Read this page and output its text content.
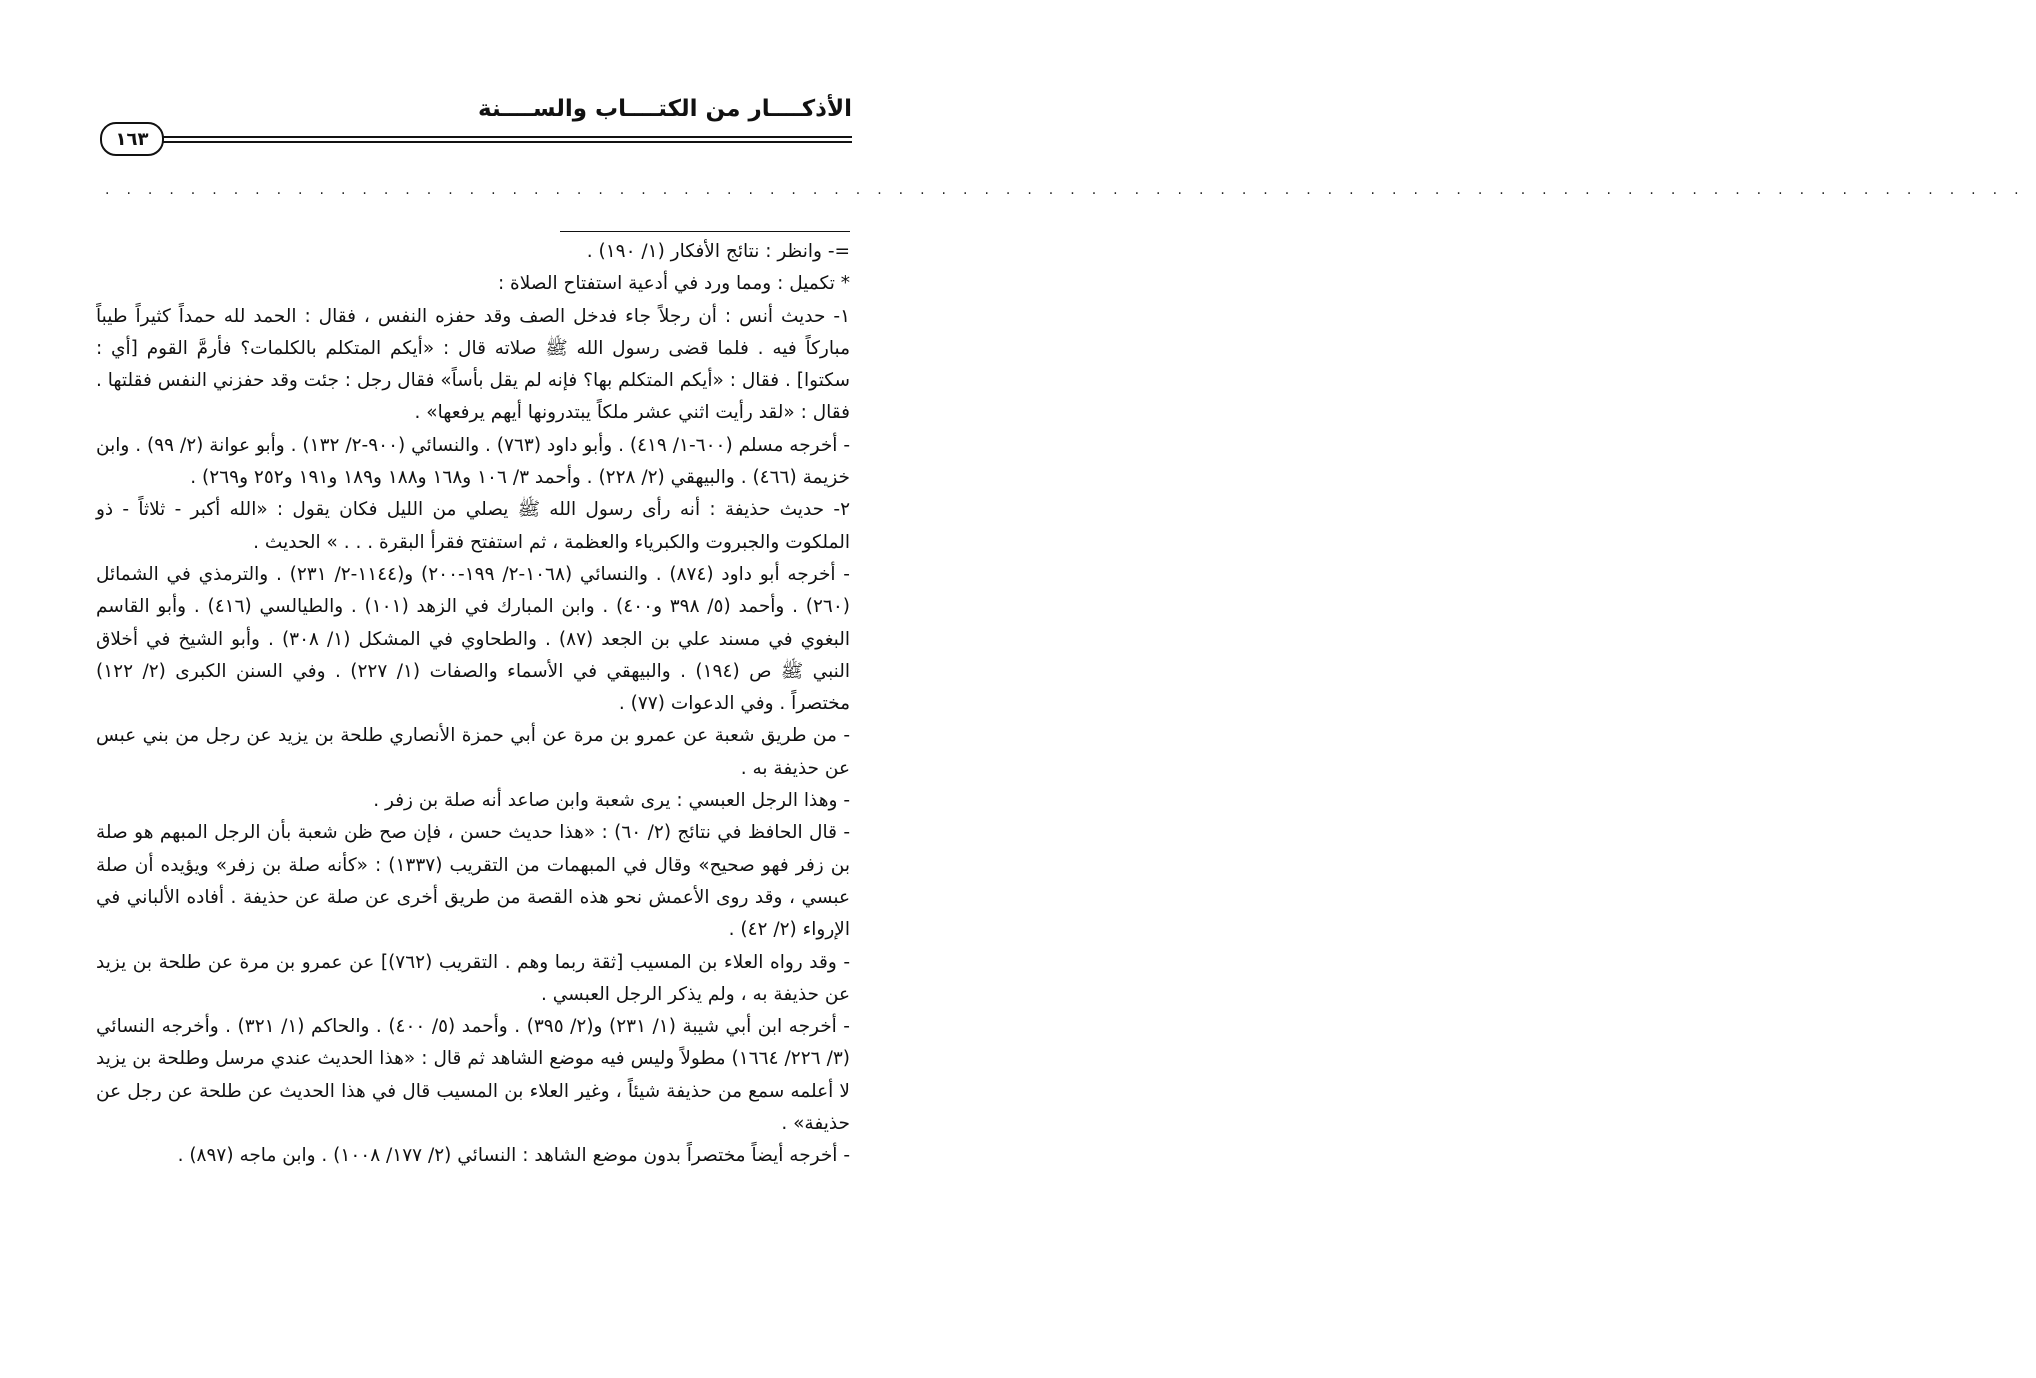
الأذكــــار من الكتــــاب والســــنة
١٦٣
..........................................................................................

=- وانظر : نتائج الأفكار (١/ ١٩٠) .

* تكميل : ومما ورد في أدعية استفتاح الصلاة :

١- حديث أنس : أن رجلاً جاء فدخل الصف وقد حفزه النفس ، فقال : الحمد لله حمداً كثيراً طيباً مباركاً فيه . فلما قضى رسول الله ﷺ صلاته قال : «أيكم المتكلم بالكلمات؟ فأرمَّ القوم [أي : سكتوا] . فقال : «أيكم المتكلم بها؟ فإنه لم يقل بأساً» فقال رجل : جئت وقد حفزني النفس فقلتها . فقال : «لقد رأيت اثني عشر ملكاً يبتدرونها أيهم يرفعها» .

- أخرجه مسلم (٦٠٠-١/ ٤١٩) . وأبو داود (٧٦٣) . والنسائي (٩٠٠-٢/ ١٣٢) . وأبو عوانة (٢/ ٩٩) . وابن خزيمة (٤٦٦) . والبيهقي (٢/ ٢٢٨) . وأحمد ٣/ ١٠٦ و١٦٨ و١٨٨ و١٨٩ و١٩١ و٢٥٢ و٢٦٩) .

٢- حديث حذيفة : أنه رأى رسول الله ﷺ يصلي من الليل فكان يقول : «الله أكبر - ثلاثاً - ذو الملكوت والجبروت والكبرياء والعظمة ، ثم استفتح فقرأ البقرة . . . » الحديث .

- أخرجه أبو داود (٨٧٤) . والنسائي (١٠٦٨-٢/ ١٩٩-٢٠٠) و(١١٤٤-٢/ ٢٣١) . والترمذي في الشمائل (٢٦٠) . وأحمد (٥/ ٣٩٨ و٤٠٠) . وابن المبارك في الزهد (١٠١) . والطيالسي (٤١٦) . وأبو القاسم البغوي في مسند علي بن الجعد (٨٧) . والطحاوي في المشكل (١/ ٣٠٨) . وأبو الشيخ في أخلاق النبي ﷺ ص (١٩٤) . والبيهقي في الأسماء والصفات (١/ ٢٢٧) . وفي السنن الكبرى (٢/ ١٢٢) مختصراً . وفي الدعوات (٧٧) .

- من طريق شعبة عن عمرو بن مرة عن أبي حمزة الأنصاري طلحة بن يزيد عن رجل من بني عبس عن حذيفة به .

- وهذا الرجل العبسي : يرى شعبة وابن صاعد أنه صلة بن زفر .

- قال الحافظ في نتائج (٢/ ٦٠) : «هذا حديث حسن ، فإن صح ظن شعبة بأن الرجل المبهم هو صلة بن زفر فهو صحيح» وقال في المبهمات من التقريب (١٣٣٧) : «كأنه صلة بن زفر» ويؤيده أن صلة عبسي ، وقد روى الأعمش نحو هذه القصة من طريق أخرى عن صلة عن حذيفة . أفاده الألباني في الإرواء (٢/ ٤٢) .

- وقد رواه العلاء بن المسيب [ثقة ربما وهم . التقريب (٧٦٢)] عن عمرو بن مرة عن طلحة بن يزيد عن حذيفة به ، ولم يذكر الرجل العبسي .

- أخرجه ابن أبي شيبة (١/ ٢٣١) و(٢/ ٣٩٥) . وأحمد (٥/ ٤٠٠) . والحاكم (١/ ٣٢١) . وأخرجه النسائي (٣/ ٢٢٦/ ١٦٦٤) مطولاً وليس فيه موضع الشاهد ثم قال : «هذا الحديث عندي مرسل وطلحة بن يزيد لا أعلمه سمع من حذيفة شيئاً ، وغير العلاء بن المسيب قال في هذا الحديث عن طلحة عن رجل عن حذيفة» .

- أخرجه أيضاً مختصراً بدون موضع الشاهد : النسائي (٢/ ١٧٧/ ١٠٠٨) . وابن ماجه (٨٩٧) .
